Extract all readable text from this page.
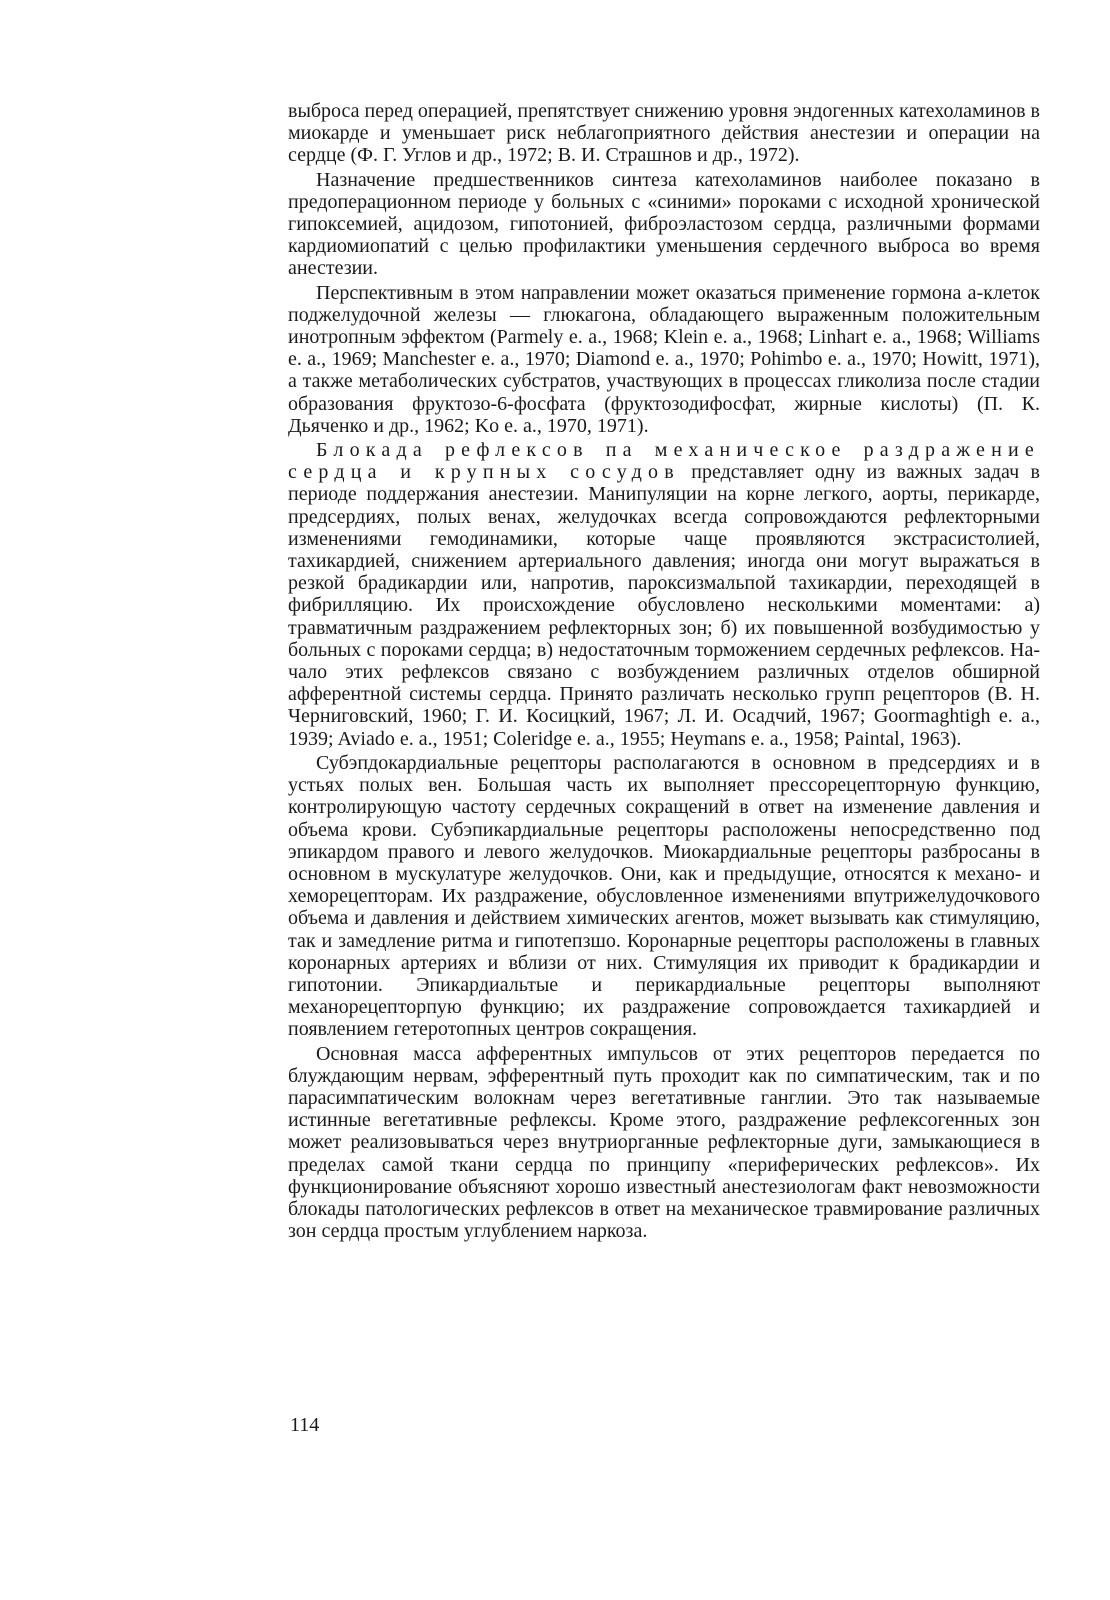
выброса перед операцией, препятствует снижению уровня эндогенных катехоламинов в миокарде и уменьшает риск неблагоприятного действия анестезии и операции на сердце (Ф. Г. Углов и др., 1972; В. И. Страшнов и др., 1972).

Назначение предшественников синтеза катехоламинов наиболее показано в предоперационном периоде у больных с «синими» пороками с исходной хронической гипоксемией, ацидозом, гипотонией, фиброэластозом сердца, различными формами кардиомиопатий с целью профилактики уменьшения сердечного выброса во время анестезии.

Перспективным в этом направлении может оказаться применение гормона а-клеток поджелудочной железы — глюкагона, обладающего выраженным положительным инотропным эффектом (Parmely e. a., 1968; Klein e. a., 1968; Linhart e. a., 1968; Williams e. a., 1969; Manchester e. a., 1970; Diamond e. a., 1970; Pohimbo e. a., 1970; Howitt, 1971), а также метаболических субстратов, участвующих в процессах гликолиза после стадии образования фруктозо-6-фосфата (фруктозодифосфат, жирные кислоты) (П. К. Дьяченко и др., 1962; Ko e. a., 1970, 1971).

Блокада рефлексов па механическое раздражение сердца и крупных сосудов представляет одну из важных задач в периоде поддержания анестезии. Манипуляции на корне легкого, аорты, перикарде, предсердиях, полых венах, желудочках всегда сопровождаются рефлекторными изменениями гемодинамики, которые чаще проявляются экстрасистолией, тахикардией, снижением артериального давления; иногда они могут выражаться в резкой брадикардии или, напротив, пароксизмальпой тахикардии, переходящей в фибрилляцию. Их происхождение обусловлено несколькими моментами: а) травматичным раздражением рефлекторных зон; б) их повышенной возбудимостью у больных с пороками сердца; в) недостаточным торможением сердечных рефлексов. Начало этих рефлексов связано с возбуждением различных отделов обширной афферентной системы сердца. Принято различать несколько групп рецепторов (В. Н. Черниговский, 1960; Г. И. Косицкий, 1967; Л. И. Осадчий, 1967; Goormaghtigh e. a., 1939; Aviado e. a., 1951; Coleridge e. a., 1955; Heymans e. a., 1958; Paintal, 1963).

Субэпдокардиальные рецепторы располагаются в основном в предсердиях и в устьях полых вен. Большая часть их выполняет прессорецепторную функцию, контролирующую частоту сердечных сокращений в ответ на изменение давления и объема крови. Субэпикардиальные рецепторы расположены непосредственно под эпикардом правого и левого желудочков. Миокардиальные рецепторы разбросаны в основном в мускулатуре желудочков. Они, как и предыдущие, относятся к механо- и хеморецепторам. Их раздражение, обусловленное изменениями впутрижелудочкового объема и давления и действием химических агентов, может вызывать как стимуляцию, так и замедление ритма и гипотепзшо. Коронарные рецепторы расположены в главных коронарных артериях и вблизи от них. Стимуляция их приводит к брадикардии и гипотонии. Эпикардиальтые и перикардиальные рецепторы выполняют механорецепторпую функцию; их раздражение сопровождается тахикардией и появлением гетеротопных центров сокращения.

Основная масса афферентных импульсов от этих рецепторов передается по блуждающим нервам, эфферентный путь проходит как по симпатическим, так и по парасимпатическим волокнам через вегетативные ганглии. Это так называемые истинные вегетативные рефлексы. Кроме этого, раздражение рефлексогенных зон может реализовываться через внутриорганные рефлекторные дуги, замыкающиеся в пределах самой ткани сердца по принципу «периферических рефлексов». Их функционирование объясняют хорошо известный анестезиологам факт невозможности блокады патологических рефлексов в ответ на механическое травмирование различных зон сердца простым углублением наркоза.

114
